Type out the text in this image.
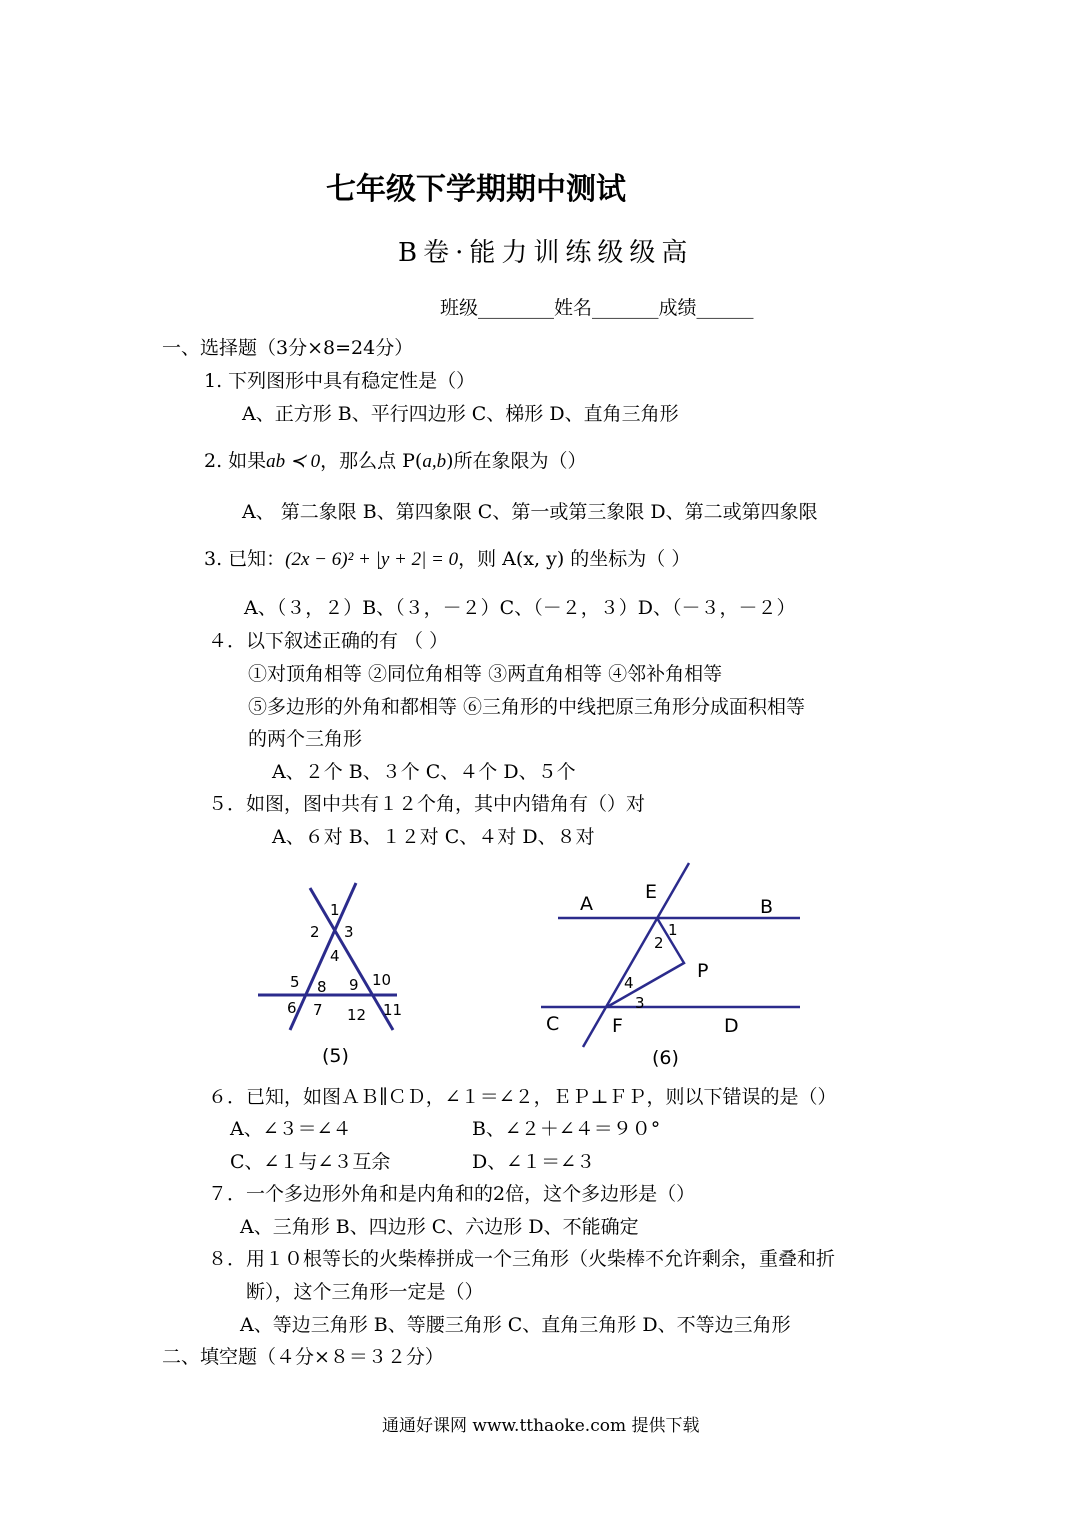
七年级下学期期中测试
B卷·能力训练级级高
班级________姓名_______成绩______
一、选择题（3分×8=24分）
1. 下列图形中具有稳定性是（）
A、正方形 B、平行四边形 C、梯形 D、直角三角形
2. 如果ab ≺ 0，那么点 P(a,b)所在象限为（）
A、 第二象限 B、第四象限 C、第一或第三象限 D、第二或第四象限
3. 已知：(2x − 6)² + |y + 2| = 0，则 A(x, y) 的坐标为（ ）
A、（３，２）B、（３，－２）C、（－２，３）D、（－３，－２）
４．以下叙述正确的有 （ ）
①对顶角相等 ②同位角相等 ③两直角相等 ④邻补角相等
⑤多边形的外角和都相等 ⑥三角形的中线把原三角形分成面积相等
的两个三角形
A、２个 B、３个 C、４个 D、５个
５．如图，图中共有１２个角，其中内错角有（）对
A、６对 B、１２对 C、４对 D、８对
1
2 3
4
5
6 7
8 9 10
11
12
(5)
A	B
C	D
E
F
P
1
2
3
4
(6)
６．已知，如图ＡＢ∥ＣＤ，∠１＝∠２，ＥＰ⊥ＦＰ，则以下错误的是（）
A、∠３＝∠４	B、∠２＋∠４＝９０°
C、∠１与∠３互余	D、∠１＝∠３
７．一个多边形外角和是内角和的2倍，这个多边形是（）
A、三角形 B、四边形 C、六边形 D、不能确定
８．用１０根等长的火柴棒拼成一个三角形（火柴棒不允许剩余，重叠和折
断），这个三角形一定是（）
A、等边三角形 B、等腰三角形 C、直角三角形 D、不等边三角形
二、填空题（４分×８＝３２分）
通通好课网 www.tthaoke.com 提供下载
